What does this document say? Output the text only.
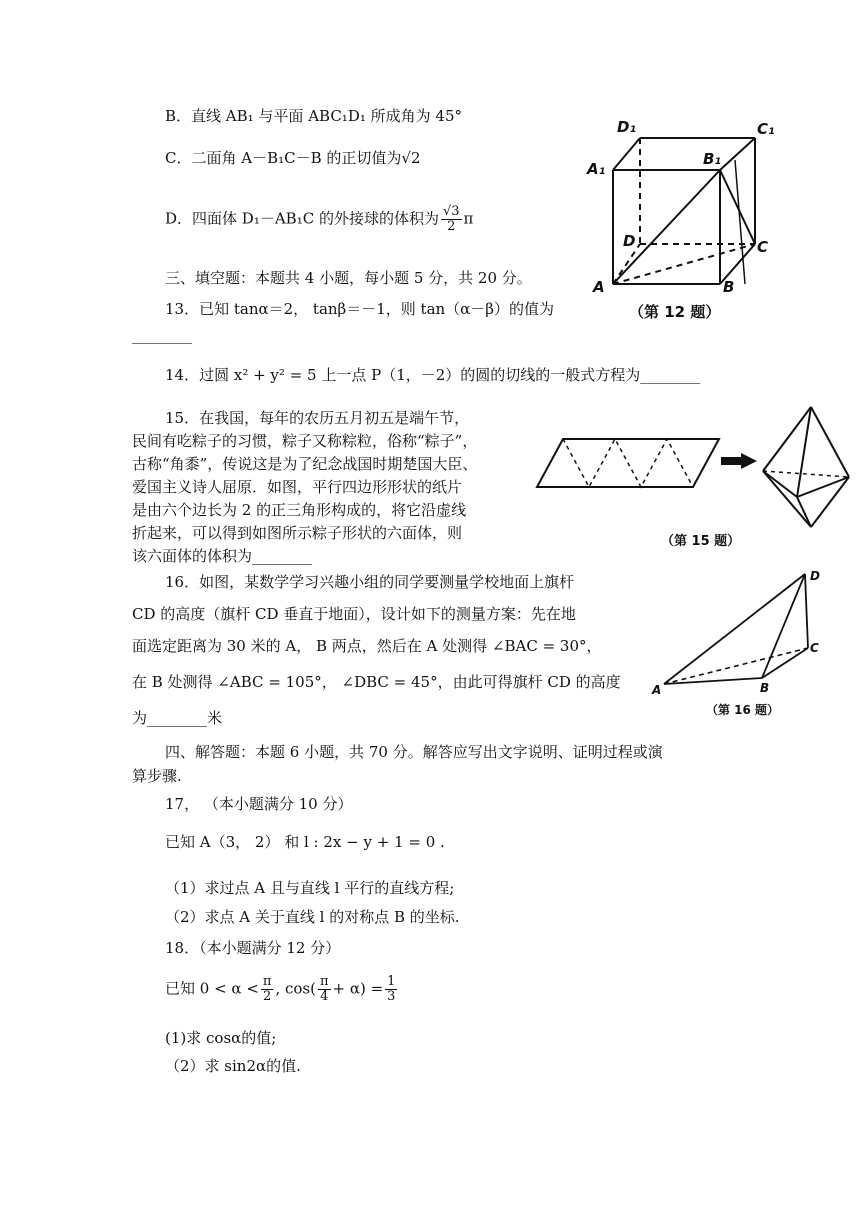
B．直线 AB₁ 与平面 ABC₁D₁ 所成角为 45°
C．二面角 A－B₁C－B 的正切值为√2
D．四面体 D₁－AB₁C 的外接球的体积为 $\frac{√3}{2}$ π
D₁	C₁
A₁
B₁
D	C
A	B
（第 12 题）
三、填空题：本题共 4 小题，每小题 5 分，共 20 分。
13．已知 tanα＝2， tanβ＝－1，则 tan（α－β）的值为
________
14．过圆 x² + y² = 5 上一点 P（1，－2）的圆的切线的一般式方程为________
15．在我国，每年的农历五月初五是端午节，
民间有吃粽子的习惯，粽子又称粽粒，俗称“粽子”，
古称“角黍”，传说这是为了纪念战国时期楚国大臣、
爱国主义诗人屈原．如图，平行四边形形状的纸片
是由六个边长为 2 的正三角形构成的，将它沿虚线
折起来，可以得到如图所示粽子形状的六面体，则
该六面体的体积为________
（第 15 题）
16．如图，某数学学习兴趣小组的同学要测量学校地面上旗杆
CD 的高度（旗杆 CD 垂直于地面），设计如下的测量方案：先在地
面选定距离为 30 米的 A， B 两点，然后在 A 处测得 ∠BAC = 30°，
在 B 处测得 ∠ABC = 105°， ∠DBC = 45°，由此可得旗杆 CD 的高度
为________米
D
C
A	B
（第 16 题）
四、解答题：本题 6 小题，共 70 分。解答应写出文字说明、证明过程或演
算步骤.
17， （本小题满分 10 分）
已知 A（3， 2） 和 l : 2x − y + 1 = 0 .
（1）求过点 A 且与直线 l 平行的直线方程;
（2）求点 A 关于直线 l 的对称点 B 的坐标.
18．（本小题满分 12 分）
已知 $0 < \alpha < \frac{\pi}{2}$ , $\cos( \frac{\pi}{4} + \alpha) = \frac{1}{3}$
(1)求 cosα的值;
（2）求 sin2α的值.
